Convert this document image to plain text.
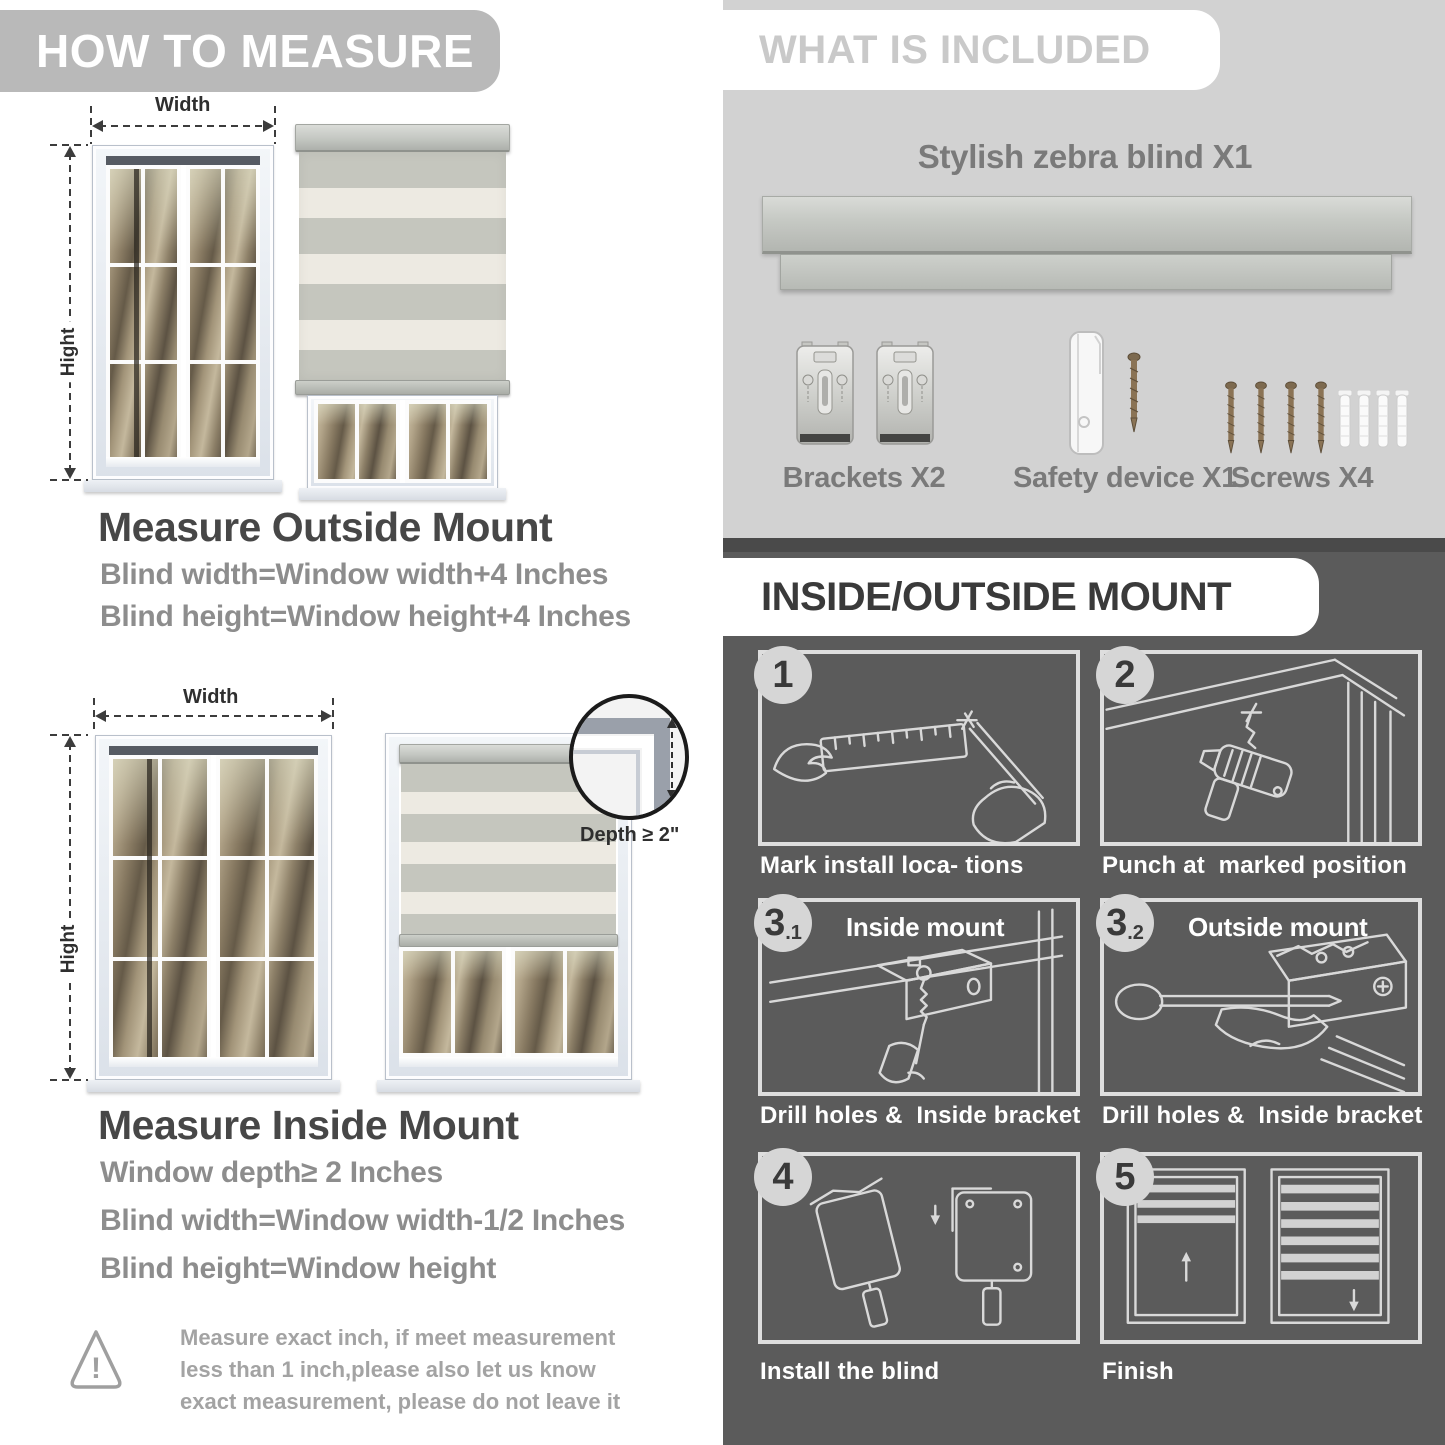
HOW TO MEASURE
Width
Hight
Measure Outside Mount
Blind width=Window width+4 Inches
Blind height=Window height+4 Inches
Width
Hight
Depth ≥ 2"
Measure Inside Mount
Window depth≥ 2 Inches
Blind width=Window width-1/2 Inches
Blind height=Window height
!
Measure exact inch, if meet measurement less than 1 inch,please also let us know exact measurement, please do not leave it
WHAT IS INCLUDED
Stylish zebra blind X1
Brackets X2	Safety device X1
Screws X4
INSIDE/OUTSIDE MOUNT
Mark install loca- tions
1
Punch at  marked position
2
Drill holes &  Inside bracket
3.1	Inside mount
Drill holes &  Inside bracket
3.2	Outside mount
Install the blind
4
Finish
5
